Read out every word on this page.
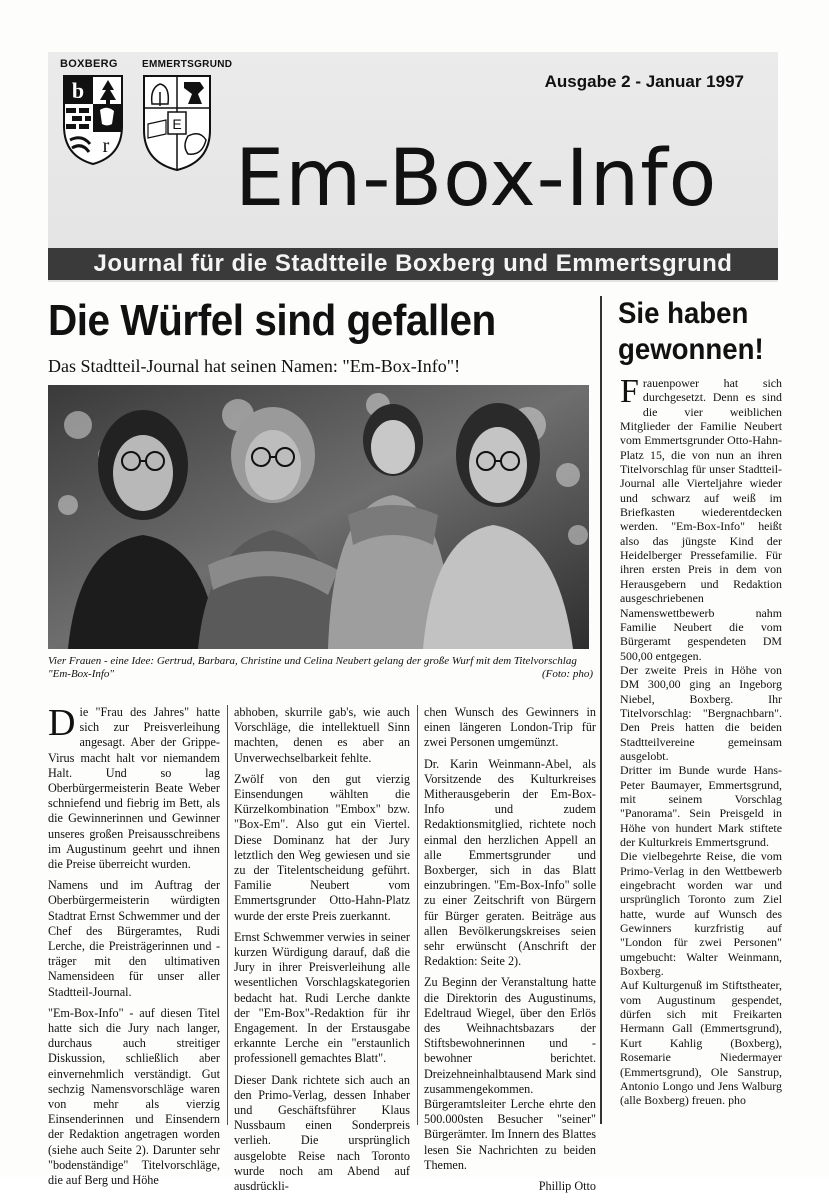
BOXBERG EMMERTSGRUND
b
r
E
Ausgabe 2 - Januar 1997
Em-Box-Info
Journal für die Stadtteile Boxberg und Emmertsgrund
Die Würfel sind gefallen
Das Stadtteil-Journal hat seinen Namen: "Em-Box-Info"!
Vier Frauen - eine Idee: Gertrud, Barbara, Christine und Celina Neubert gelang der große Wurf mit dem Titelvorschlag "Em-Box-Info"	(Foto: pho)

Die "Frau des Jahres" hatte sich zur Preisverleihung angesagt. Aber der Grippe-Virus macht halt vor niemandem Halt. Und so lag Oberbürgermeisterin Beate Weber schniefend und fiebrig im Bett, als die Gewinnerinnen und Gewinner unseres großen Preisausschreibens im Augustinum geehrt und ihnen die Preise überreicht wurden.

Namens und im Auftrag der Oberbürgermeisterin würdigten Stadtrat Ernst Schwemmer und der Chef des Bürgeramtes, Rudi Lerche, die Preisträgerinnen und -träger mit den ultimativen Namensideen für unser aller Stadtteil-Journal.

"Em-Box-Info" - auf diesen Titel hatte sich die Jury nach langer, durchaus auch streitiger Diskussion, schließlich aber einvernehmlich verständigt. Gut sechzig Namensvorschläge waren von mehr als vierzig Einsenderinnen und Einsendern der Redaktion angetragen worden (siehe auch Seite 2). Darunter sehr "bodenständige" Titelvorschläge, die auf Berg und Höhe

abhoben, skurrile gab's, wie auch Vorschläge, die intellektuell Sinn machten, denen es aber an Unverwechselbarkeit fehlte.

Zwölf von den gut vierzig Einsendungen wählten die Kürzelkombination "Embox" bzw. "Box-Em". Also gut ein Viertel. Diese Dominanz hat der Jury letztlich den Weg gewiesen und sie zu der Titelentscheidung geführt. Familie Neubert vom Emmertsgrunder Otto-Hahn-Platz wurde der erste Preis zuerkannt.

Ernst Schwemmer verwies in seiner kurzen Würdigung darauf, daß die Jury in ihrer Preisverleihung alle wesentlichen Vorschlagskategorien bedacht hat. Rudi Lerche dankte der "Em-Box"-Redaktion für ihr Engagement. In der Erstausgabe erkannte Lerche ein "erstaunlich professionell gemachtes Blatt".

Dieser Dank richtete sich auch an den Primo-Verlag, dessen Inhaber und Geschäftsführer Klaus Nussbaum einen Sonderpreis verlieh. Die ursprünglich ausgelobte Reise nach Toronto wurde noch am Abend auf ausdrückli-

chen Wunsch des Gewinners in einen längeren London-Trip für zwei Personen umgemünzt.

Dr. Karin Weinmann-Abel, als Vorsitzende des Kulturkreises Mitherausgeberin der Em-Box-Info und zudem Redaktionsmitglied, richtete noch einmal den herzlichen Appell an alle Emmertsgrunder und Boxberger, sich in das Blatt einzubringen. "Em-Box-Info" solle zu einer Zeitschrift von Bürgern für Bürger geraten. Beiträge aus allen Bevölkerungskreises seien sehr erwünscht (Anschrift der Redaktion: Seite 2).

Zu Beginn der Veranstaltung hatte die Direktorin des Augustinums, Edeltraud Wiegel, über den Erlös des Weihnachtsbazars der Stiftsbewohnerinnen und -bewohner berichtet. Dreizehneinhalbtausend Mark sind zusammengekommen. Bürgeramtsleiter Lerche ehrte den 500.000sten Besucher "seiner" Bürgerämter. Im Innern des Blattes lesen Sie Nachrichten zu beiden Themen.

Phillip Otto

Sie haben gewonnen!

Frauenpower hat sich durchgesetzt. Denn es sind die vier weiblichen Mitglieder der Familie Neubert vom Emmertsgrunder Otto-Hahn-Platz 15, die von nun an ihren Titelvorschlag für unser Stadtteil-Journal alle Vierteljahre wieder und schwarz auf weiß im Briefkasten wiederentdecken werden. "Em-Box-Info" heißt also das jüngste Kind der Heidelberger Pressefamilie. Für ihren ersten Preis in dem von Herausgebern und Redaktion ausgeschriebenen Namenswettbewerb nahm Familie Neubert die vom Bürgeramt gespendeten DM 500,00 entgegen.

Der zweite Preis in Höhe von DM 300,00 ging an Ingeborg Niebel, Boxberg. Ihr Titelvorschlag: "Bergnachbarn". Den Preis hatten die beiden Stadtteilvereine gemeinsam ausgelobt.

Dritter im Bunde wurde Hans-Peter Baumayer, Emmertsgrund, mit seinem Vorschlag "Panorama". Sein Preisgeld in Höhe von hundert Mark stiftete der Kulturkreis Emmertsgrund.

Die vielbegehrte Reise, die vom Primo-Verlag in den Wettbewerb eingebracht worden war und ursprünglich Toronto zum Ziel hatte, wurde auf Wunsch des Gewinners kurzfristig auf "London für zwei Personen" umgebucht: Walter Weinmann, Boxberg.

Auf Kulturgenuß im Stiftstheater, vom Augustinum gespendet, dürfen sich mit Freikarten Hermann Gall (Emmertsgrund), Kurt Kahlig (Boxberg), Rosemarie Niedermayer (Emmertsgrund), Ole Sanstrup, Antonio Longo und Jens Walburg (alle Boxberg) freuen. pho
